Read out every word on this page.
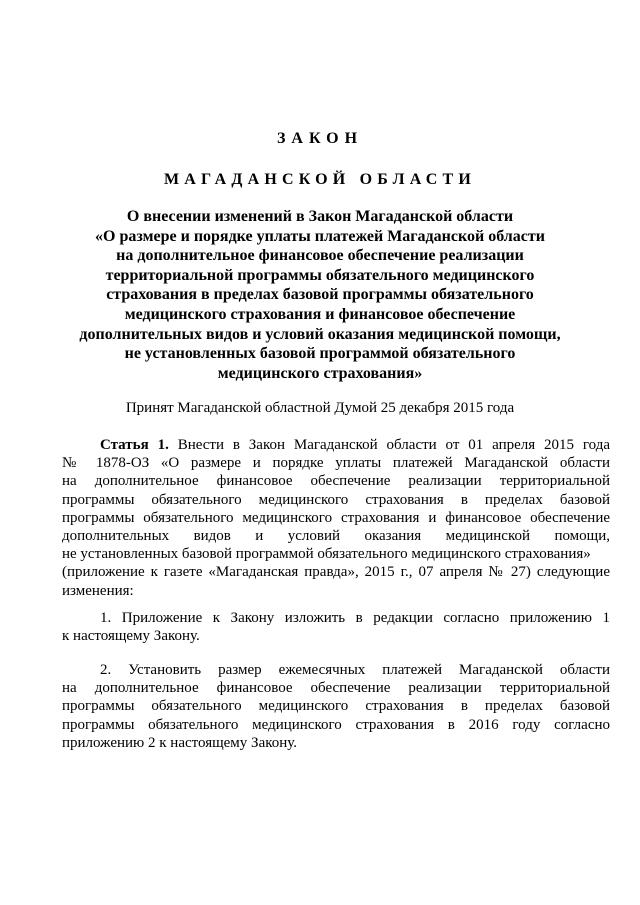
ЗАКОН
МАГАДАНСКОЙ ОБЛАСТИ
О внесении изменений в Закон Магаданской области
«О размере и порядке уплаты платежей Магаданской области
на дополнительное финансовое обеспечение реализации
территориальной программы обязательного медицинского
страхования в пределах базовой программы обязательного
медицинского страхования и финансовое обеспечение
дополнительных видов и условий оказания медицинской помощи,
не установленных базовой программой обязательного
медицинского страхования»
Принят Магаданской областной Думой 25 декабря 2015 года
Статья 1. Внести в Закон Магаданской области от 01 апреля 2015 года
№ 1878-ОЗ «О размере и порядке уплаты платежей Магаданской области
на дополнительное финансовое обеспечение реализации территориальной
программы обязательного медицинского страхования в пределах базовой
программы обязательного медицинского страхования и финансовое обеспечение
дополнительных видов и условий оказания медицинской помощи,
не установленных базовой программой обязательного медицинского страхования»
(приложение к газете «Магаданская правда», 2015 г., 07 апреля № 27) следующие
изменения:
1. Приложение к Закону изложить в редакции согласно приложению 1
к настоящему Закону.
2. Установить размер ежемесячных платежей Магаданской области
на дополнительное финансовое обеспечение реализации территориальной
программы обязательного медицинского страхования в пределах базовой
программы обязательного медицинского страхования в 2016 году согласно
приложению 2 к настоящему Закону.
